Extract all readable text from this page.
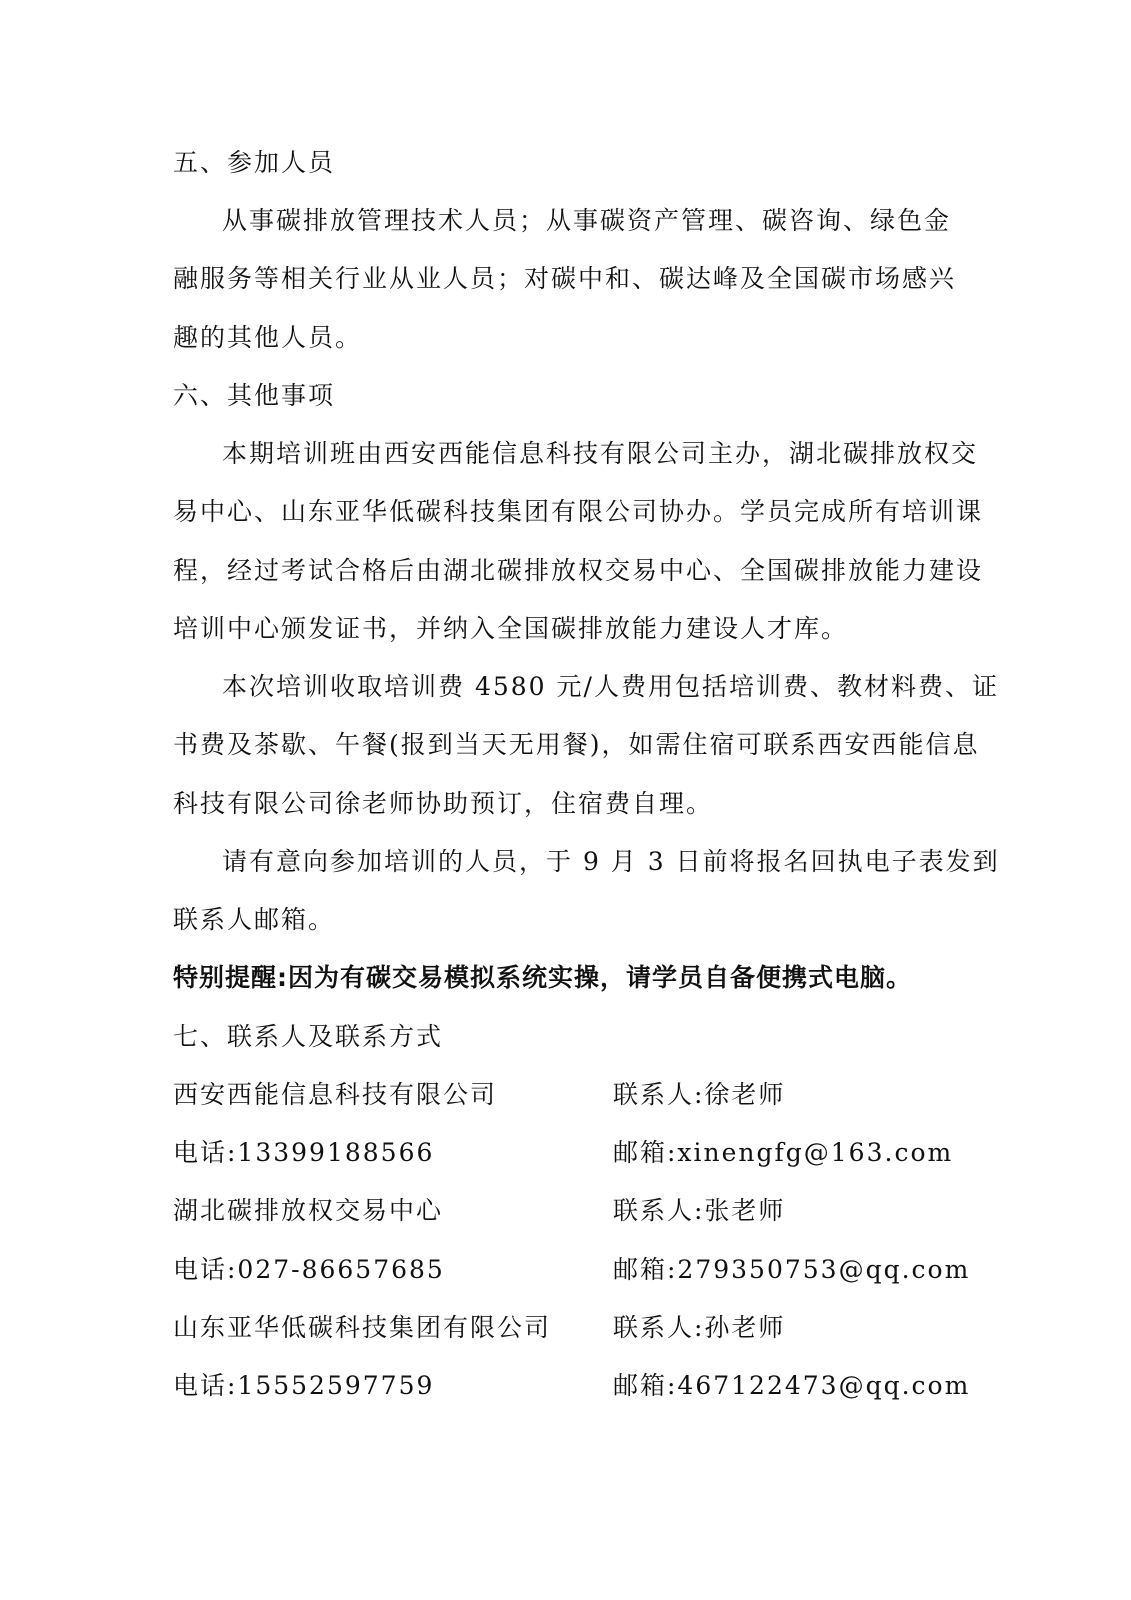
五、参加人员
从事碳排放管理技术人员；从事碳资产管理、碳咨询、绿色金
融服务等相关行业从业人员；对碳中和、碳达峰及全国碳市场感兴
趣的其他人员。
六、其他事项
本期培训班由西安西能信息科技有限公司主办，湖北碳排放权交
易中心、山东亚华低碳科技集团有限公司协办。学员完成所有培训课
程，经过考试合格后由湖北碳排放权交易中心、全国碳排放能力建设
培训中心颁发证书，并纳入全国碳排放能力建设人才库。
本次培训收取培训费 4580 元/人费用包括培训费、教材料费、证
书费及茶歇、午餐(报到当天无用餐)，如需住宿可联系西安西能信息
科技有限公司徐老师协助预订，住宿费自理。
请有意向参加培训的人员，于 9 月 3 日前将报名回执电子表发到
联系人邮箱。
特别提醒:因为有碳交易模拟系统实操，请学员自备便携式电脑。
七、联系人及联系方式
西安西能信息科技有限公司	联系人:徐老师
电话:13399188566	邮箱:xinengfg@163.com
湖北碳排放权交易中心	联系人:张老师
电话:027-86657685	邮箱:279350753@qq.com
山东亚华低碳科技集团有限公司 联系人:孙老师
电话:15552597759	邮箱:467122473@qq.com
